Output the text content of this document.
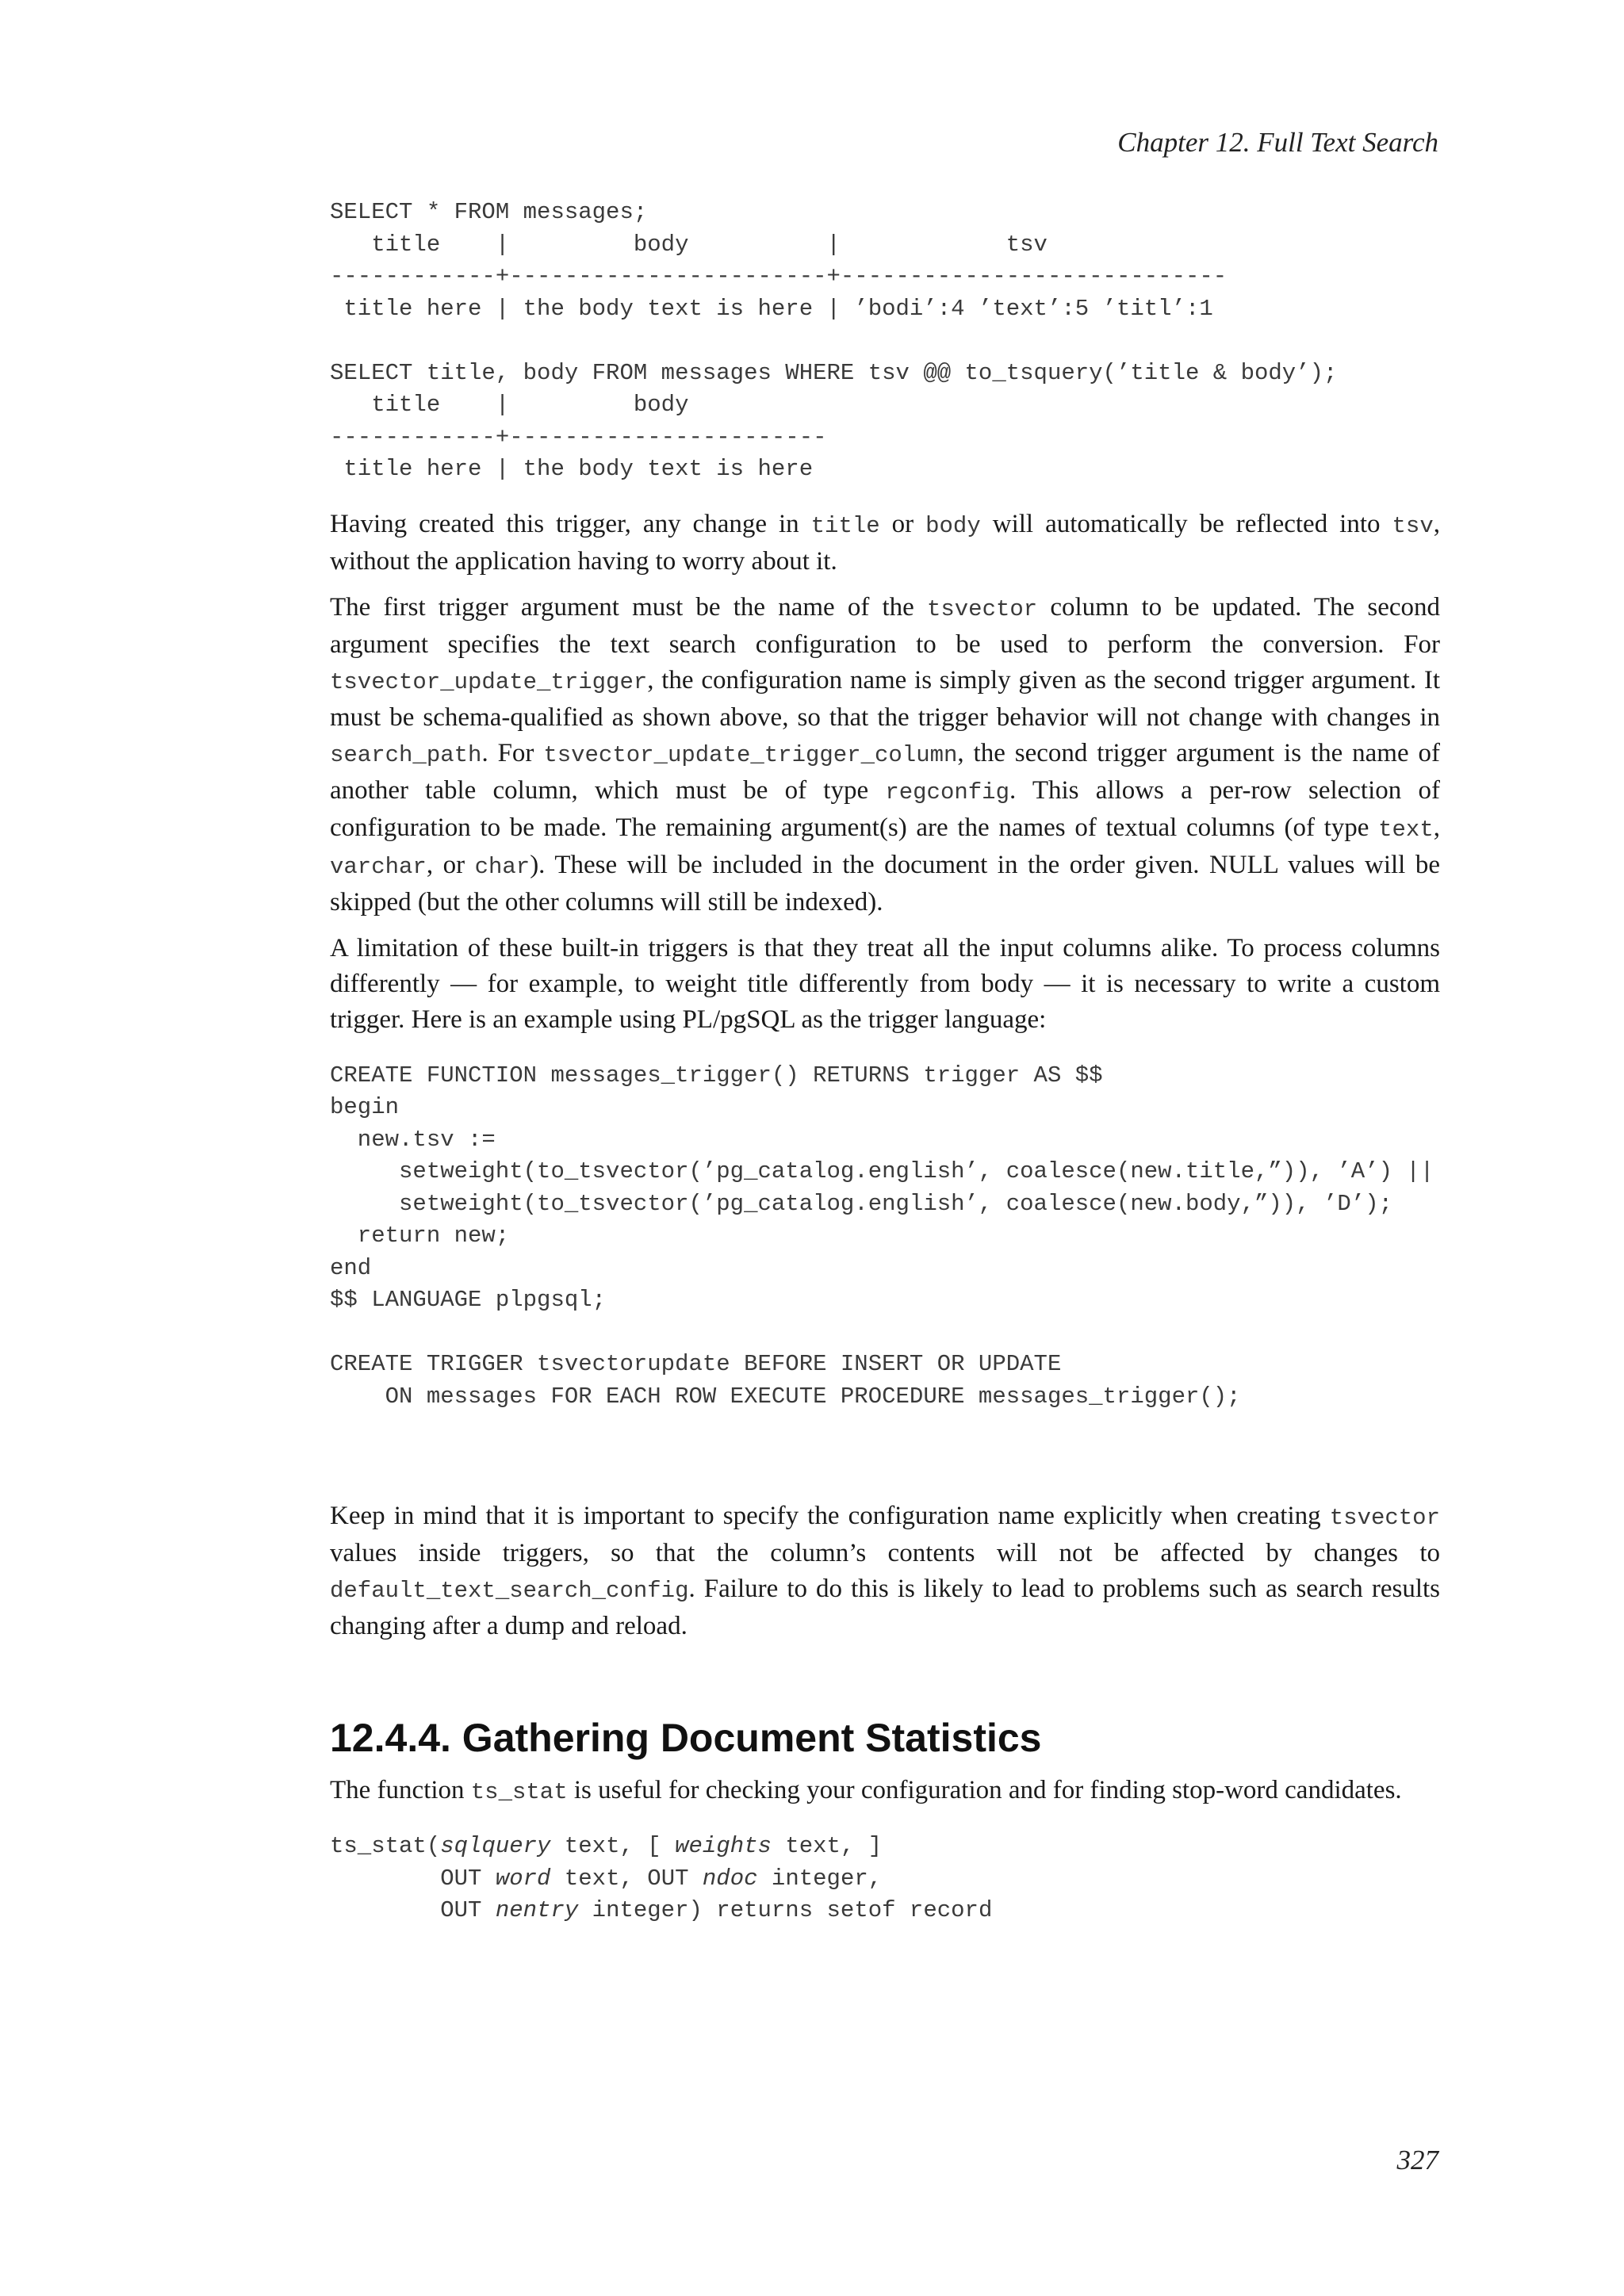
Chapter 12. Full Text Search
SELECT * FROM messages;
title    |         body          |            tsv
------------+-----------------------+----------------------------
title here | the body text is here | ’bodi’:4 ’text’:5 ’titl’:1

SELECT title, body FROM messages WHERE tsv @@ to_tsquery(’title & body’);
title    |         body
------------+-----------------------
title here | the body text is here

Having created this trigger, any change in title or body will automatically be reflected into tsv, without the application having to worry about it.

The first trigger argument must be the name of the tsvector column to be updated. The second argument specifies the text search configuration to be used to perform the conversion. For tsvector_update_trigger, the configuration name is simply given as the second trigger argument. It must be schema-qualified as shown above, so that the trigger behavior will not change with changes in search_path. For tsvector_update_trigger_column, the second trigger argument is the name of another table column, which must be of type regconfig. This allows a per-row selection of configuration to be made. The remaining argument(s) are the names of textual columns (of type text, varchar, or char). These will be included in the document in the order given. NULL values will be skipped (but the other columns will still be indexed).

A limitation of these built-in triggers is that they treat all the input columns alike. To process columns differently — for example, to weight title differently from body — it is necessary to write a custom trigger. Here is an example using PL/pgSQL as the trigger language:

CREATE FUNCTION messages_trigger() RETURNS trigger AS $$
begin
new.tsv :=
setweight(to_tsvector(’pg_catalog.english’, coalesce(new.title,”)), ’A’) ||
setweight(to_tsvector(’pg_catalog.english’, coalesce(new.body,”)), ’D’);
return new;
end
$$ LANGUAGE plpgsql;

CREATE TRIGGER tsvectorupdate BEFORE INSERT OR UPDATE
ON messages FOR EACH ROW EXECUTE PROCEDURE messages_trigger();

Keep in mind that it is important to specify the configuration name explicitly when creating tsvector values inside triggers, so that the column’s contents will not be affected by changes to default_text_search_config. Failure to do this is likely to lead to problems such as search results changing after a dump and reload.

12.4.4. Gathering Document Statistics

The function ts_stat is useful for checking your configuration and for finding stop-word candidates.

ts_stat(sqlquery text, [ weights text, ]
OUT word text, OUT ndoc integer,
OUT nentry integer) returns setof record
327
